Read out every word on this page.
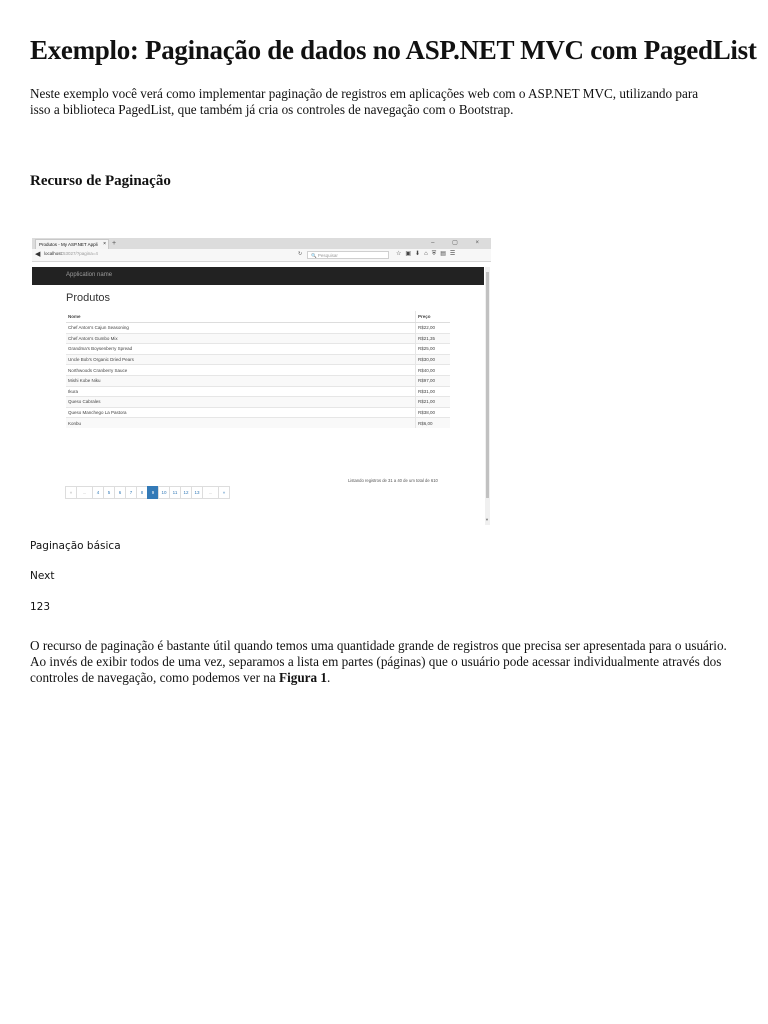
Exemplo: Paginação de dados no ASP.NET MVC com PagedList

Neste exemplo você verá como implementar paginação de registros em aplicações web com o ASP.NET MVC, utilizando para isso a biblioteca PagedList, que também já cria os controles de navegação com o Bootstrap.

Recurso de Paginação
Produtos - My ASP.NET Appli × +	– ▢ ×
◀ localhost:53027/?pagina=4	↻	🔍 Pesquisar	☆▣⬇⌂⛨▤☰
Application name
Produtos
Nome	Preço
Chef Anton's Cajun Seasoning	R$22,00
Chef Anton's Gumbo Mix	R$21,35
Grandma's Boysenberry Spread	R$25,00
Uncle Bob's Organic Dried Pears	R$30,00
Northwoods Cranberry Sauce	R$40,00
Mishi Kobe Niku	R$97,00
Ikura	R$31,00
Queso Cabrales	R$21,00
Queso Manchego La Pastora	R$38,00
Konbu	R$6,00
Listando registros de 31 a 40 de um total de 610
«	...	4	5	6	7	8	9	10	11	12	13	...	»
▼

Paginação básica

Next

123

O recurso de paginação é bastante útil quando temos uma quantidade grande de registros que precisa ser apresentada para o usuário. Ao invés de exibir todos de uma vez, separamos a lista em partes (páginas) que o usuário pode acessar individualmente através dos controles de navegação, como podemos ver na Figura 1.
